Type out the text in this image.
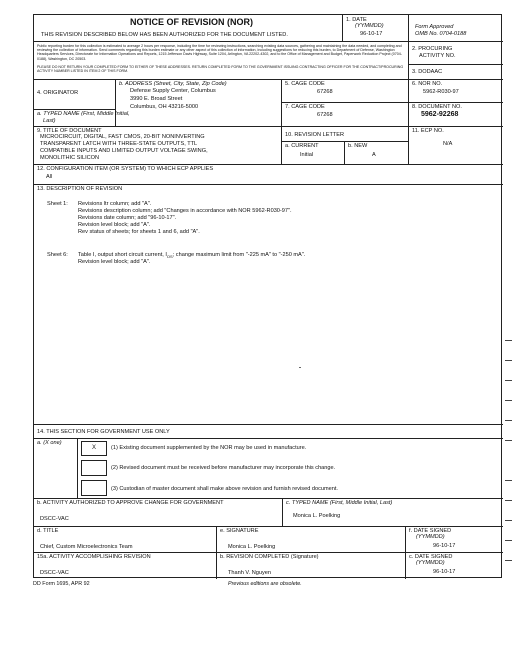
NOTICE OF REVISION (NOR)
THIS REVISION DESCRIBED BELOW HAS BEEN AUTHORIZED FOR THE DOCUMENT LISTED.
1. DATE
(YYMMDD)
96-10-17
Form Approved
OMB No. 0704-0188
Public reporting burden for this collection is estimated to average 2 hours per response, including the time for reviewing instructions, searching existing data sources, gathering and maintaining the data needed, and completing and reviewing the collection of information. Send comments regarding this burden estimate or any other aspect of this collection of information, including suggestions for reducing this burden, to Department of Defense, Washington Headquarters Services, Directorate for Information Operations and Reports, 1215 Jefferson Davis Highway, Suite 1204, Arlington, VA 22202-4302, and to the Office of Management and Budget, Paperwork Reduction Project (0704-0188), Washington, DC 20503.
PLEASE DO NOT RETURN YOUR COMPLETED FORM TO EITHER OF THESE ADDRESSES. RETURN COMPLETED FORM TO THE GOVERNMENT ISSUING CONTRACTING OFFICER FOR THE CONTRACT/PROCURING ACTIVITY NUMBER LISTED IN ITEM 2 OF THIS FORM.
2. PROCURING
ACTIVITY NO.
3. DODAAC
4. ORIGINATOR
a. TYPED NAME (First, Middle Initial,
Last)
b. ADDRESS (Street, City, State, Zip Code)
Defense Supply Center, Columbus
3990 E. Broad Street
Columbus, OH 43216-5000
5. CAGE CODE
67268
6. NOR NO.
5962-R030-97
7. CAGE CODE
67268
8. DOCUMENT NO.
5962-92268
9. TITLE OF DOCUMENT
MICROCIRCUIT, DIGITAL, FAST CMOS, 20-BIT NONINVERTING
TRANSPARENT LATCH WITH THREE-STATE OUTPUTS, TTL
COMPATIBLE INPUTS AND LIMITED OUTPUT VOLTAGE SWING,
MONOLITHIC SILICON
10. REVISION LETTER
a. CURRENT
Initial
b. NEW
A
11. ECP NO.
N/A
12. CONFIGURATION ITEM (OR SYSTEM) TO WHICH ECP APPLIES
All
13. DESCRIPTION OF REVISION
Sheet 1: Revisions ltr column; add "A".
Revisions description column; add "Changes in accordance with NOR 5962-R030-97".
Revisions date column; add "96-10-17".
Revision level block; add "A".
Rev status of sheets; for sheets 1 and 6, add "A".
Sheet 6: Table I, output short circuit current, $I_{OS}$; change maximum limit from "-225 mA" to "-250 mA".
Revision level block; add "A".
14. THIS SECTION FOR GOVERNMENT USE ONLY
a. (X one)
X	(1) Existing document supplemented by the NOR may be used in manufacture.
(2) Revised document must be received before manufacturer may incorporate this change.
(3) Custodian of master document shall make above revision and furnish revised document.
b. ACTIVITY AUTHORIZED TO APPROVE CHANGE FOR GOVERNMENT
DSCC-VAC
c. TYPED NAME (First, Middle Initial, Last)
Monica L. Poelking
d. TITLE
Chief, Custom Microelectronics Team
e. SIGNATURE
Monica L. Poelking
f. DATE SIGNED
(YYMMDD)
96-10-17
15a. ACTIVITY ACCOMPLISHING REVISION
DSCC-VAC
b. REVISION COMPLETED (Signature)
Thanh V. Nguyen
c. DATE SIGNED
(YYMMDD)
96-10-17
DD Form 1695, APR 92	Previous editions are obsolete.
